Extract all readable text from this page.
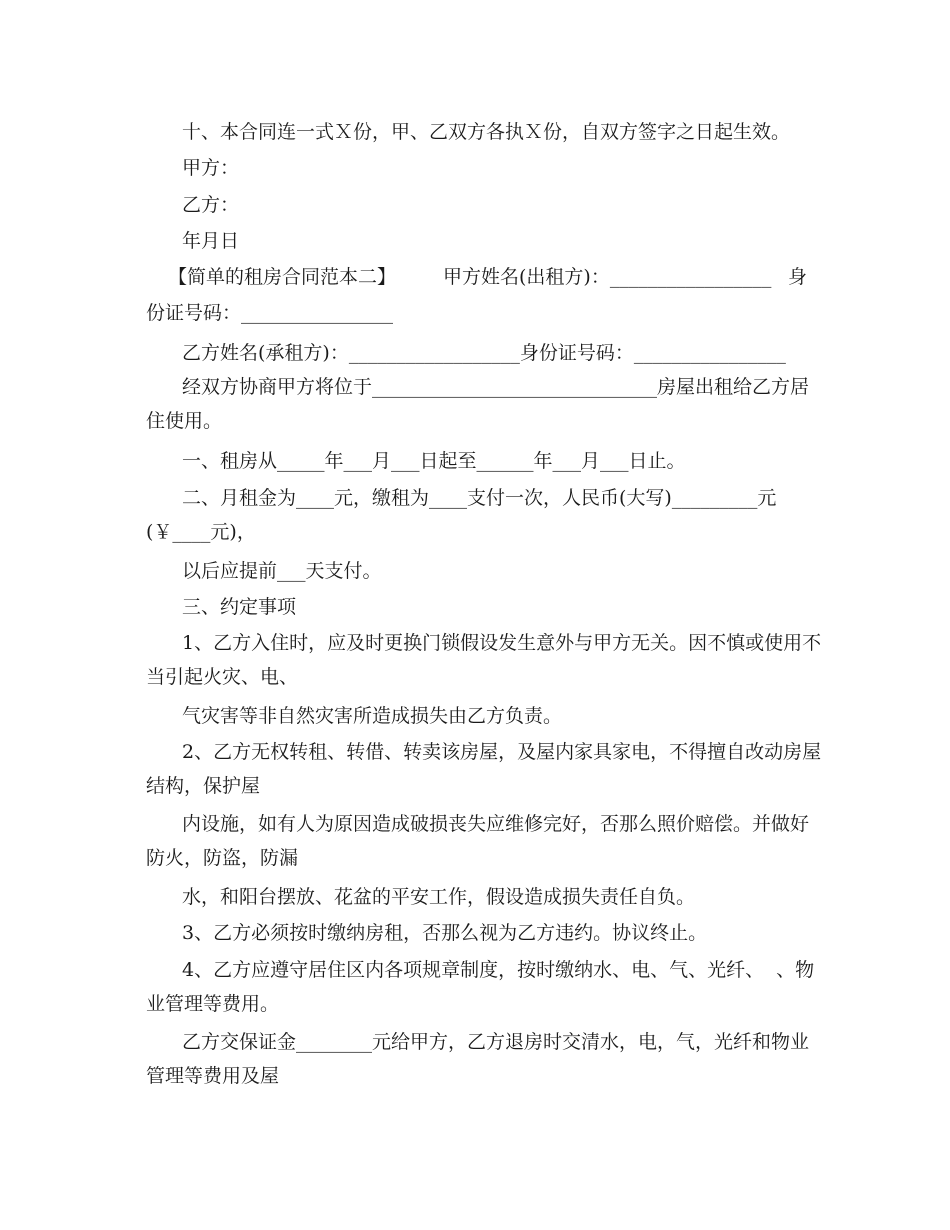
十、本合同连一式Ｘ份，甲、乙双方各执Ｘ份，自双方签字之日起生效。
甲方：
乙方：
年月日

【简单的租房合同范本二】

甲方姓名(出租方)：_________________

身

份证号码：________________
乙方姓名(承租方)：__________________身份证号码：________________
经双方协商甲方将位于______________________________房屋出租给乙方居
住使用。
一、租房从_____年___月___日起至______年___月___日止。
二、月租金为____元，缴租为____支付一次，人民币(大写)_________元
(￥____元)，
以后应提前___天支付。
三、约定事项
1、乙方入住时，应及时更换门锁假设发生意外与甲方无关。因不慎或使用不
当引起火灾、电、
气灾害等非自然灾害所造成损失由乙方负责。
2、乙方无权转租、转借、转卖该房屋，及屋内家具家电，不得擅自改动房屋
结构，保护屋
内设施，如有人为原因造成破损丧失应维修完好，否那么照价赔偿。并做好
防火，防盗，防漏
水，和阳台摆放、花盆的平安工作，假设造成损失责任自负。
3、乙方必须按时缴纳房租，否那么视为乙方违约。协议终止。
4、乙方应遵守居住区内各项规章制度，按时缴纳水、电、气、光纤、  、物
业管理等费用。
乙方交保证金________元给甲方，乙方退房时交清水，电，气，光纤和物业
管理等费用及屋
